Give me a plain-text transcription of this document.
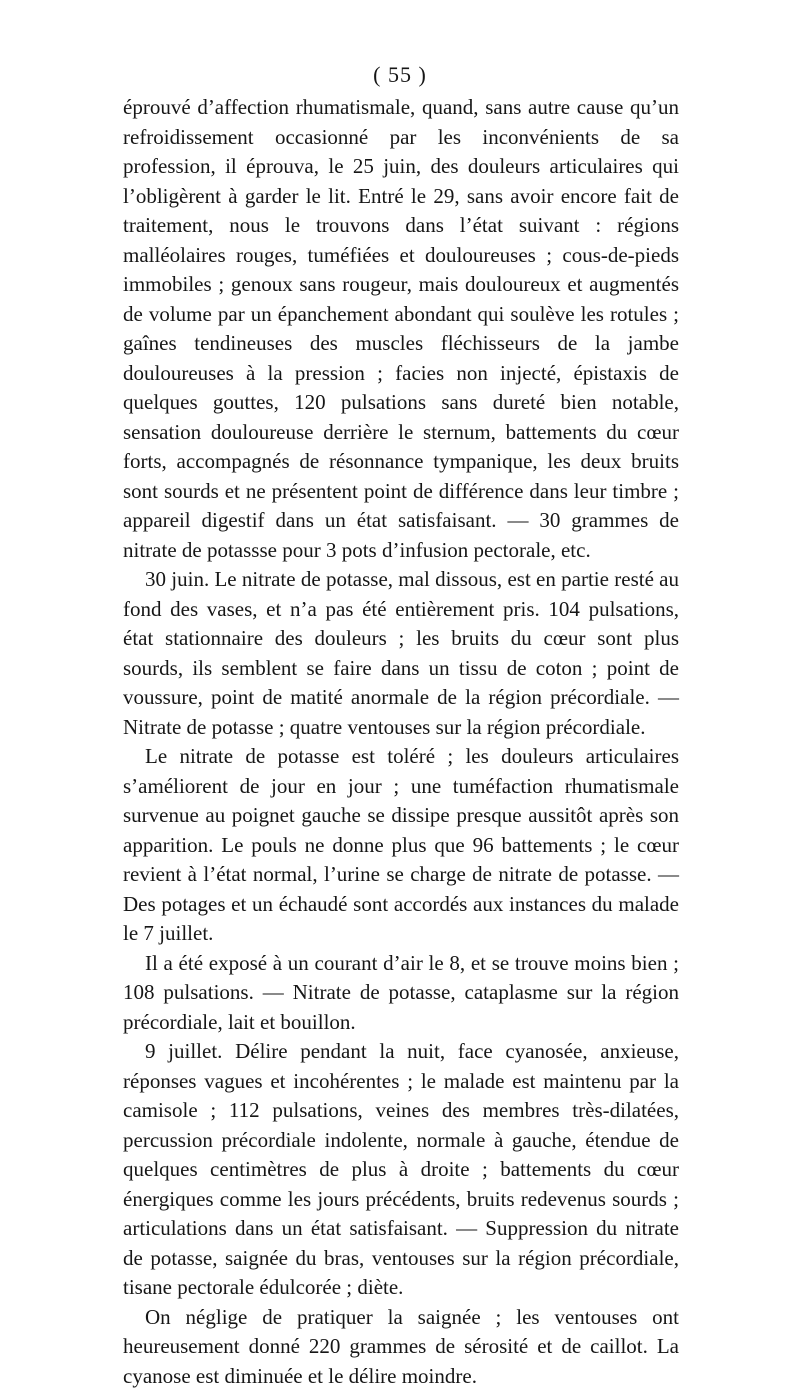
( 55 )

éprouvé d’affection rhumatismale, quand, sans autre cause qu’un refroidissement occasionné par les inconvénients de sa profession, il éprouva, le 25 juin, des douleurs articulaires qui l’obligèrent à garder le lit. Entré le 29, sans avoir encore fait de traitement, nous le trouvons dans l’état suivant : régions malléolaires rouges, tuméfiées et douloureuses ; cous-de-pieds immobiles ; genoux sans rougeur, mais douloureux et augmentés de volume par un épanchement abondant qui soulève les rotules ; gaînes tendineuses des muscles fléchisseurs de la jambe douloureuses à la pression ; facies non injecté, épistaxis de quelques gouttes, 120 pulsations sans dureté bien notable, sensation douloureuse derrière le sternum, battements du cœur forts, accompagnés de résonnance tympanique, les deux bruits sont sourds et ne présentent point de différence dans leur timbre ; appareil digestif dans un état satisfaisant. — 30 grammes de nitrate de potassse pour 3 pots d’infusion pectorale, etc.

30 juin. Le nitrate de potasse, mal dissous, est en partie resté au fond des vases, et n’a pas été entièrement pris. 104 pulsations, état stationnaire des douleurs ; les bruits du cœur sont plus sourds, ils semblent se faire dans un tissu de coton ; point de voussure, point de matité anormale de la région précordiale. — Nitrate de potasse ; quatre ventouses sur la région précordiale.

Le nitrate de potasse est toléré ; les douleurs articulaires s’améliorent de jour en jour ; une tuméfaction rhumatismale survenue au poignet gauche se dissipe presque aussitôt après son apparition. Le pouls ne donne plus que 96 battements ; le cœur revient à l’état normal, l’urine se charge de nitrate de potasse. — Des potages et un échaudé sont accordés aux instances du malade le 7 juillet.

Il a été exposé à un courant d’air le 8, et se trouve moins bien ; 108 pulsations. — Nitrate de potasse, cataplasme sur la région précordiale, lait et bouillon.

9 juillet. Délire pendant la nuit, face cyanosée, anxieuse, réponses vagues et incohérentes ; le malade est maintenu par la camisole ; 112 pulsations, veines des membres très-dilatées, percussion précordiale indolente, normale à gauche, étendue de quelques centimètres de plus à droite ; battements du cœur énergiques comme les jours précédents, bruits redevenus sourds ; articulations dans un état satisfaisant. — Suppression du nitrate de potasse, saignée du bras, ventouses sur la région précordiale, tisane pectorale édulcorée ; diète.

On néglige de pratiquer la saignée ; les ventouses ont heureusement donné 220 grammes de sérosité et de caillot. La cyanose est diminuée et le délire moindre.
